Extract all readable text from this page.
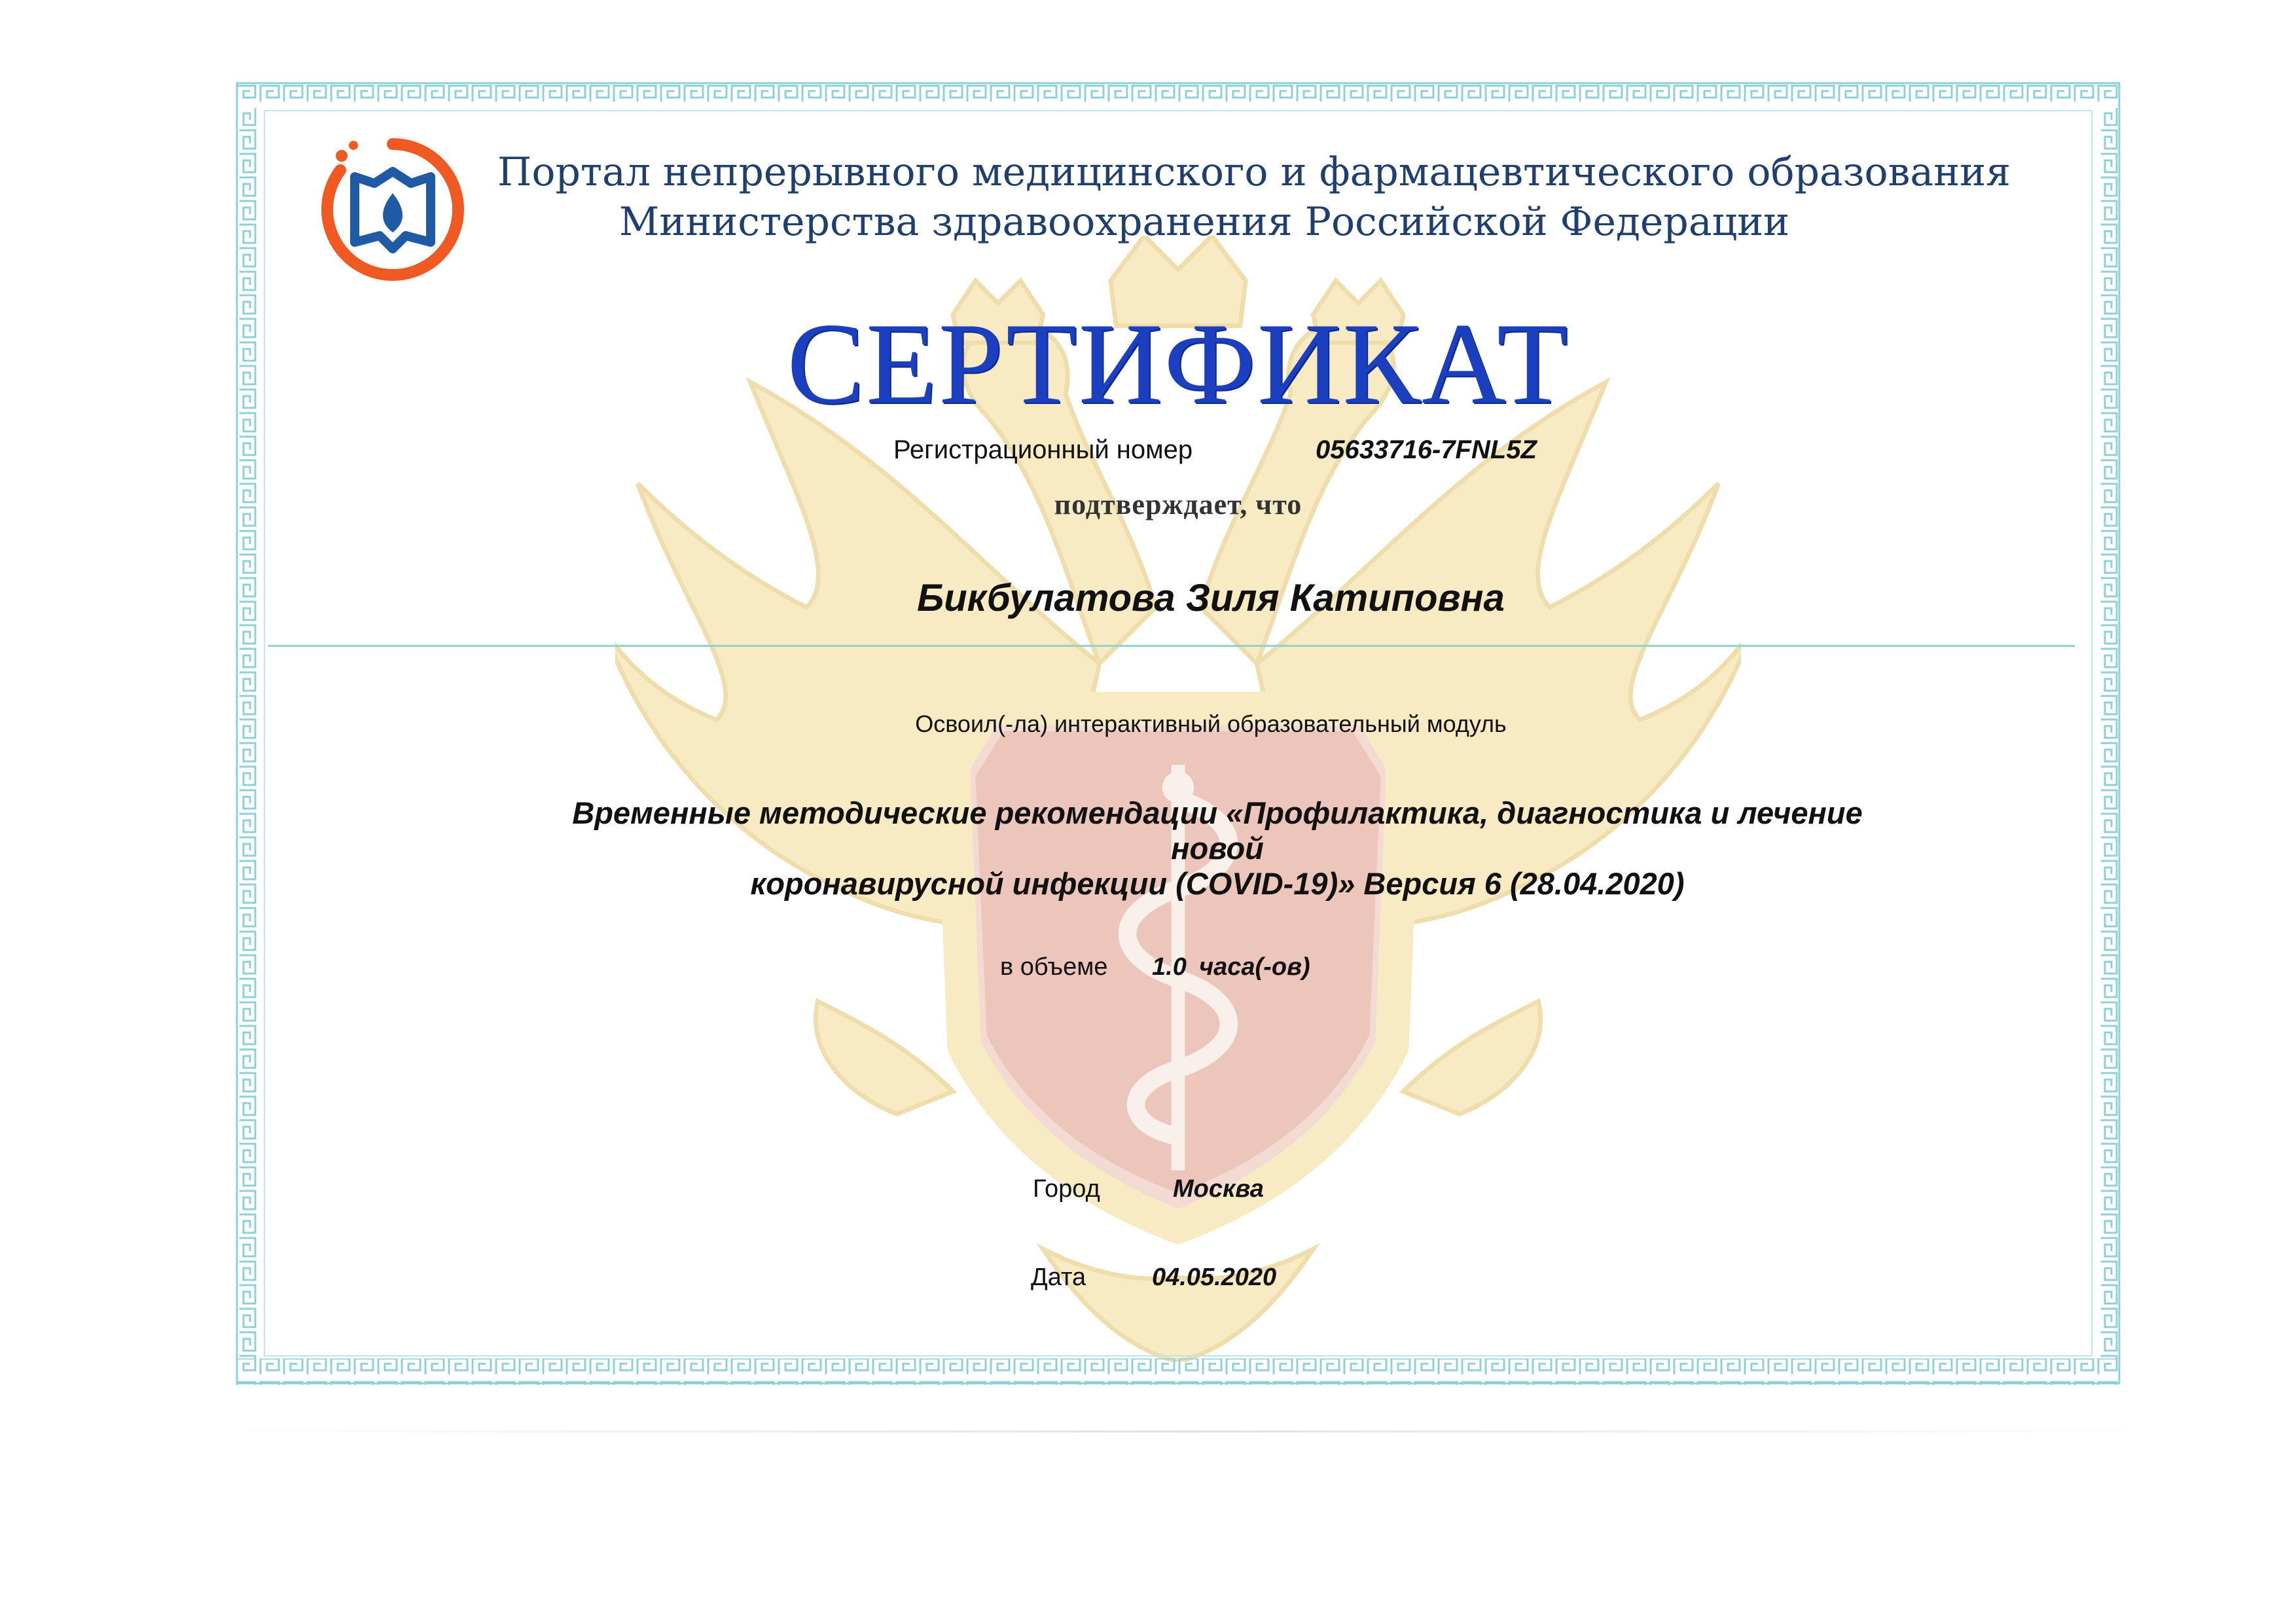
Портал непрерывного медицинского и фармацевтического образования
Министерства здравоохранения Российской Федерации
СЕРТИФИКАТ
Регистрационный номер	05633716-7FNL5Z
подтверждает, что
Бикбулатова Зиля Катиповна
Освоил(-ла) интерактивный образовательный модуль
Временные методические рекомендации «Профилактика, диагностика и лечение новой
коронавирусной инфекции (COVID-19)» Версия 6 (28.04.2020)
в объеме 1.0 часа(-ов)
Город	Москва
Дата	04.05.2020
